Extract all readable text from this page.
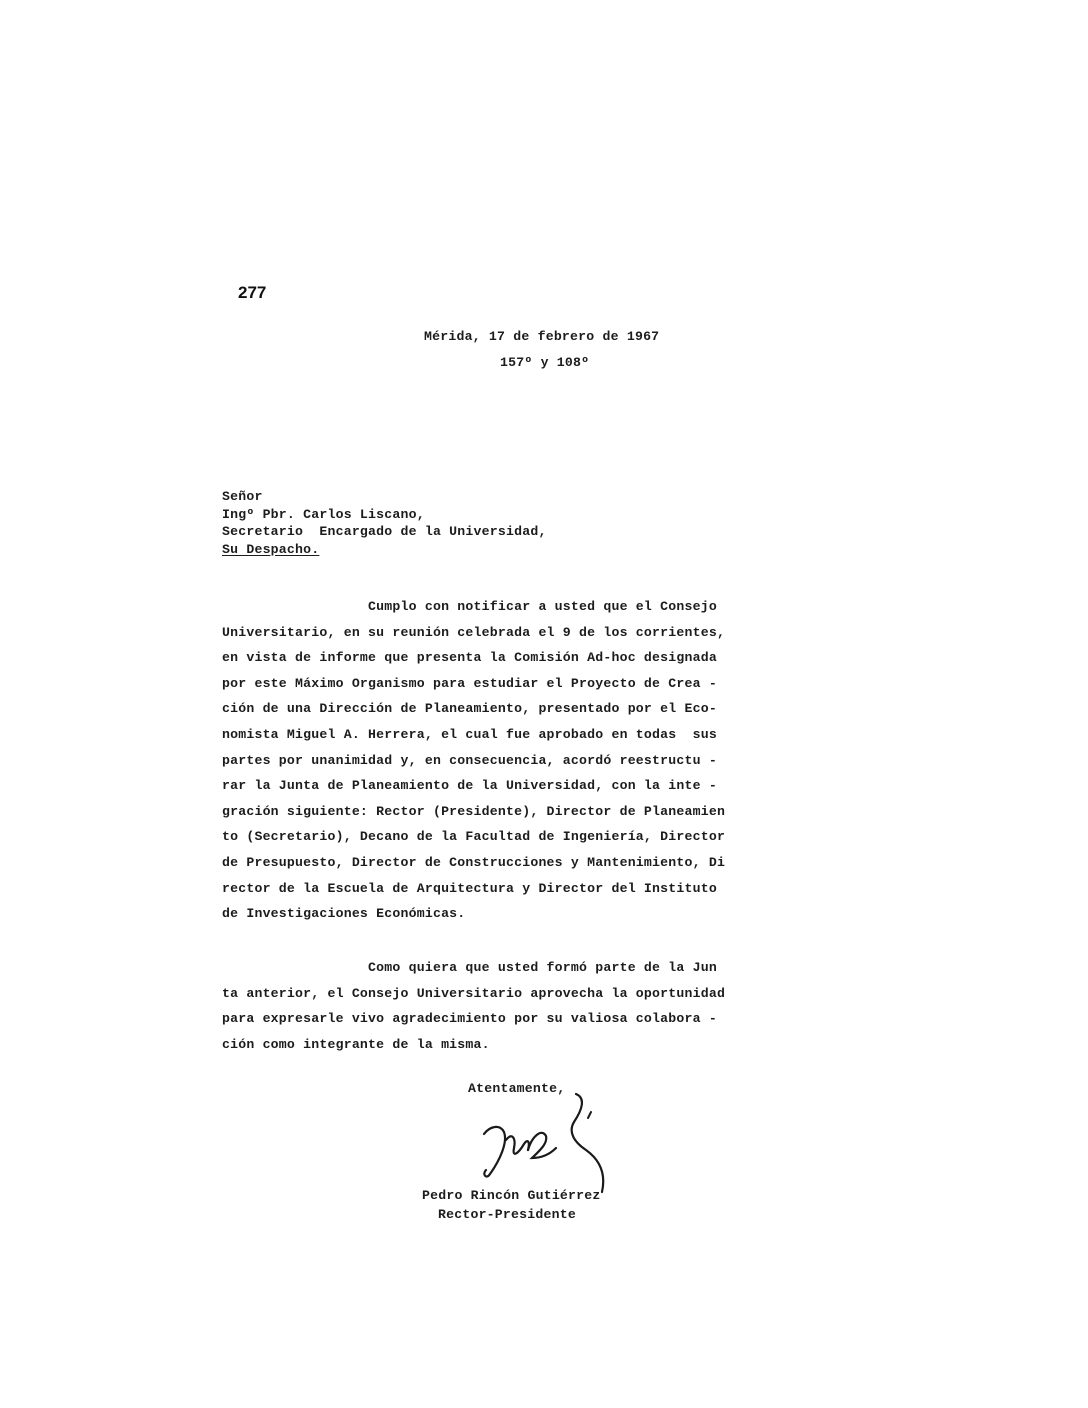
277
Mérida, 17 de febrero de 1967
157º y 108º
Señor
Ingº Pbr. Carlos Liscano,
Secretario  Encargado de la Universidad,
Su Despacho.
Cumplo con notificar a usted que el Consejo
Universitario, en su reunión celebrada el 9 de los corrientes,
en vista de informe que presenta la Comisión Ad-hoc designada
por este Máximo Organismo para estudiar el Proyecto de Crea -
ción de una Dirección de Planeamiento, presentado por el Eco-
nomista Miguel A. Herrera, el cual fue aprobado en todas  sus
partes por unanimidad y, en consecuencia, acordó reestructu -
rar la Junta de Planeamiento de la Universidad, con la inte -
gración siguiente: Rector (Presidente), Director de Planeamien
to (Secretario), Decano de la Facultad de Ingeniería, Director
de Presupuesto, Director de Construcciones y Mantenimiento, Di
rector de la Escuela de Arquitectura y Director del Instituto
de Investigaciones Económicas.
Como quiera que usted formó parte de la Jun
ta anterior, el Consejo Universitario aprovecha la oportunidad
para expresarle vivo agradecimiento por su valiosa colabora -
ción como integrante de la misma.
Atentamente,
Pedro Rincón Gutiérrez
Rector-Presidente
